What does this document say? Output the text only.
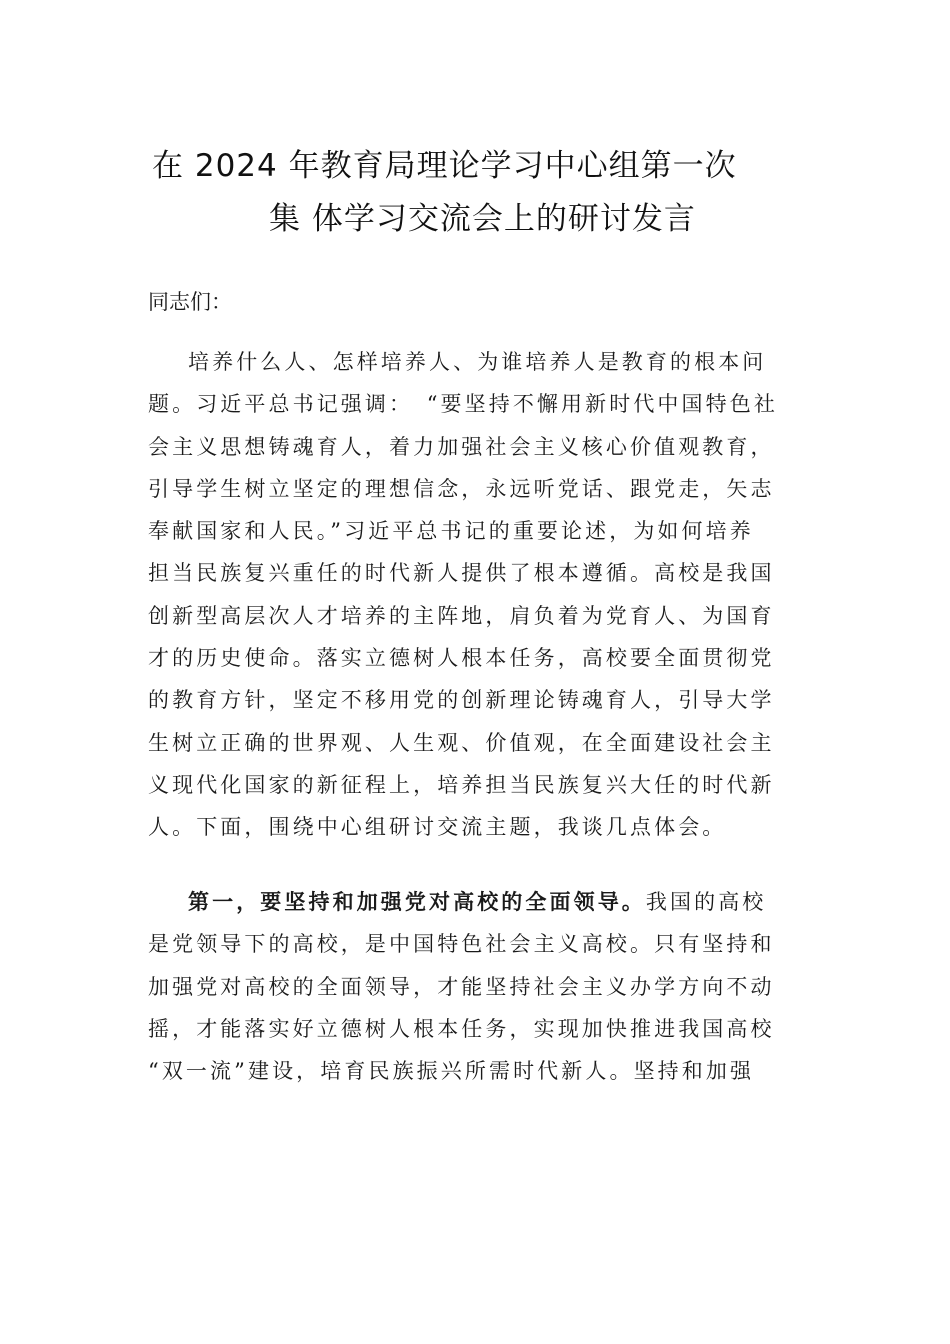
在 2024 年教育局理论学习中心组第一次
集 体学习交流会上的研讨发言
同志们：
培养什么人、怎样培养人、为谁培养人是教育的根本问
题。习近平总书记强调：　“要坚持不懈用新时代中国特色社
会主义思想铸魂育人，着力加强社会主义核心价值观教育，
引导学生树立坚定的理想信念，永远听党话、跟党走，矢志
奉献国家和人民。”习近平总书记的重要论述，为如何培养
担当民族复兴重任的时代新人提供了根本遵循。高校是我国
创新型高层次人才培养的主阵地，肩负着为党育人、为国育
才的历史使命。落实立德树人根本任务，高校要全面贯彻党
的教育方针，坚定不移用党的创新理论铸魂育人，引导大学
生树立正确的世界观、人生观、价值观，在全面建设社会主
义现代化国家的新征程上，培养担当民族复兴大任的时代新
人。下面，围绕中心组研讨交流主题，我谈几点体会。
第一，要坚持和加强党对高校的全面领导。我国的高校
是党领导下的高校，是中国特色社会主义高校。只有坚持和
加强党对高校的全面领导，才能坚持社会主义办学方向不动
摇，才能落实好立德树人根本任务，实现加快推进我国高校
“双一流”建设，培育民族振兴所需时代新人。坚持和加强
